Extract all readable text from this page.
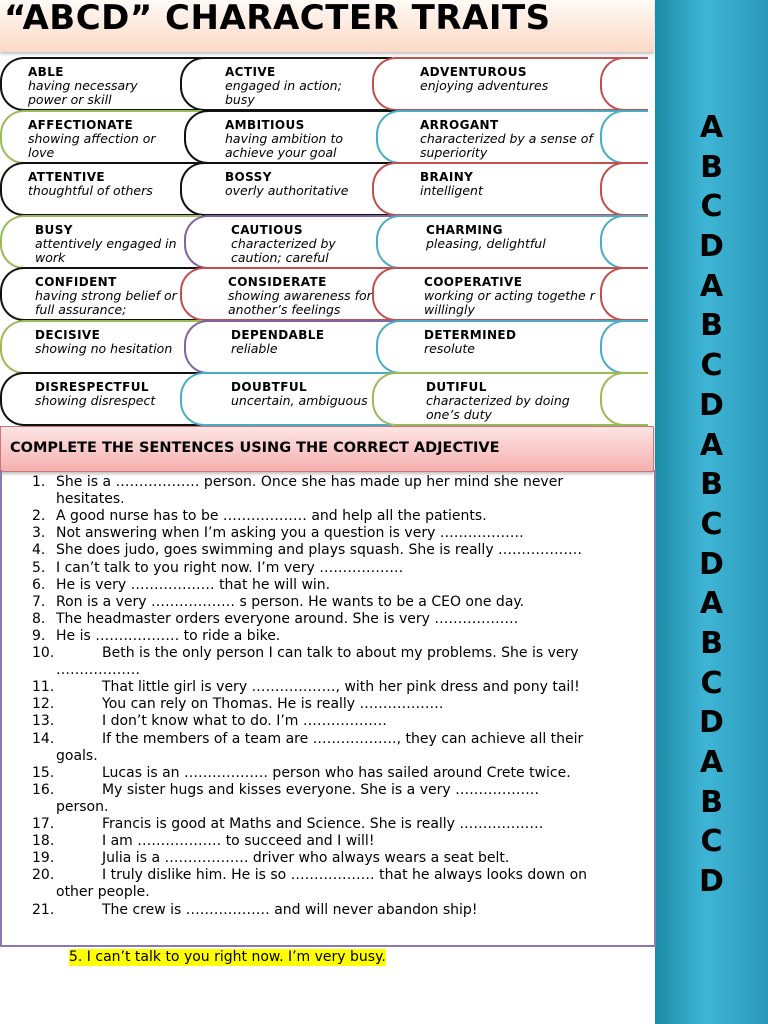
“ABCD” CHARACTER TRAITS
A
B
C
D
A
B
C
D
A
B
C
D
A
B
C
D
A
B
C
D
ABLE
having necessary power or skill
ACTIVE
engaged in action; busy
ADVENTUROUS
enjoying adventures
AFFECTIONATE
showing affection or love
AMBITIOUS
having ambition to achieve your goal
ARROGANT
characterized by a sense of superiority
ATTENTIVE
thoughtful of others
BOSSY
overly authoritative
BRAINY
intelligent
BUSY
attentively engaged in work
CAUTIOUS
characterized by caution; careful
CHARMING
pleasing, delightful
CONFIDENT
having strong belief or full assurance;
CONSIDERATE
showing awareness for another’s feelings
COOPERATIVE
working or acting togethe r willingly
DECISIVE
showing no hesitation
DEPENDABLE
reliable
DETERMINED
resolute
DISRESPECTFUL
showing disrespect
DOUBTFUL
uncertain, ambiguous
DUTIFUL
characterized by doing one’s duty
COMPLETE THE SENTENCES USING THE CORRECT ADJECTIVE
1. She is a ……………… person. Once she has made up her mind she never
hesitates.
2. A good nurse has to be ……………… and help all the patients.
3. Not answering when I’m asking you a question is very ………………
4. She does judo, goes swimming and plays squash. She is really ………………
5. I can’t talk to you right now. I’m very ………………
6. He is very ……………… that he will win.
7. Ron is a very ……………… s person. He wants to be a CEO one day.
8. The headmaster orders everyone around. She is very ………………
9. He is ……………… to ride a bike.
10.	Beth is the only person I can talk to about my problems. She is very
………………
11.	That little girl is very ………………, with her pink dress and pony tail!
12.	You can rely on Thomas. He is really ………………
13.	I don’t know what to do. I’m ………………
14.	If the members of a team are ………………, they can achieve all their
goals.
15.	Lucas is an ……………… person who has sailed around Crete twice.
16.	My sister hugs and kisses everyone. She is a very ………………
person.
17.	Francis is good at Maths and Science. She is really ………………
18.	I am ……………… to succeed and I will!
19.	Julia is a ……………… driver who always wears a seat belt.
20.	I truly dislike him. He is so ……………… that he always looks down on
other people.
21.	The crew is ……………… and will never abandon ship!
5. I can’t talk to you right now. I’m very busy.
